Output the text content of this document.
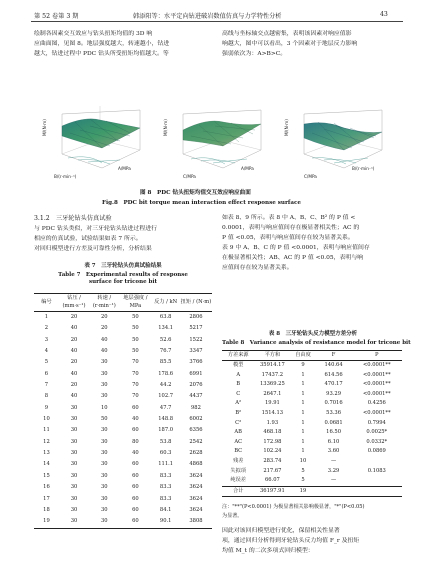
第 52 卷第 3 期	韩添阳等：水平定向钻进破岩数值仿真与力学特性分析	43
绘制各因素交互效应与钻头扭矩均值的 3D 响
应曲面图，见图 8。地层强度越大，转速越小，钻进
越大，钻进过程中 PDC 钻头所受扭矩均值越大。等
高线与坐标轴交点越密集，表明该因素对响应值影
响越大，图中可以看出，3 个因素对于地层反力影响
强弱依次为：A>B>C。
M/(N·m)
B/(r·min⁻¹)
A/MPa
M/(N·m)
C/MPa
A/MPa
M/(N·m)
C/MPa
B/(r·min⁻¹)
图 8　PDC 钻头扭矩均值交互效应响应曲面
Fig.8　PDC bit torque mean interaction effect response surface
3.1.2　三牙轮钻头仿真试验
与 PDC 钻头类似，对三牙轮钻头钻进过程进行
相应的仿真试验，试验结果如表 7 所示。
对回归模型进行方差及可靠性分析，分析结果
如表 8、9 所示。表 8 中 A、B、C、B² 的 P 值 <
0.0001，表明与响应值间存在极显著相关性；AC 的
P 值 <0.05，表明与响应值间存在较为显著关系。
表 9 中 A、B、C 的 P 值 <0.0001，表明与响应值间存
在极显著相关性；AB、AC 的 P 值 <0.05，表明与响
应值间存在较为显著关系。
表 7　三牙轮钻头仿真试验结果
Table 7　Experimental results of response
surface for tricone bit
编号	钻压 / (mm·s⁻¹)	转速 / (r·min⁻¹)	地层强度 / MPa	反力 / kN	扭矩 / (N·m)
1	20	20	50	63.8	2806
2	40	20	50	134.1	5217
3	20	40	50	52.6	1522
4	40	40	50	76.7	3347
5	20	30	70	85.5	3766
6	40	30	70	178.6	6991
7	20	30	70	44.2	2076
8	40	30	70	102.7	4437
9	30	10	60	47.7	982
10	30	50	40	148.8	6002
11	30	30	60	187.0	6356
12	30	30	80	53.8	2542
13	30	30	40	60.3	2628
14	30	30	60	111.1	4868
15	30	30	60	83.3	3624
16	30	30	60	83.3	3624
17	30	30	60	83.3	3624
18	30	30	60	84.1	3624
19	30	30	60	90.1	3808
表 8　三牙轮钻头反力模型方差分析
Table 8　Variance analysis of resistance model for tricone bit
方差来源	平方和	自由度	F	P
模型	35914.17	9	140.64	<0.0001**
A	17437.2	1	614.56	<0.0001**
B	13369.25	1	470.17	<0.0001**
C	2647.1	1	93.29	<0.0001**
A²	19.91	1	0.7016	0.4256
B²	1514.13	1	53.36	<0.0001**
C²	1.93	1	0.0681	0.7994
AB	468.18	1	16.50	0.0025*
AC	172.98	1	6.10	0.0332*
BC	102.24	1	3.60	0.0869
残差	283.74	10	—	
失拟项	217.67	5	3.29	0.1083
纯误差	66.07	5	—	
合计	36197.91	19		
注："**"(P<0.0001) 为极显著相关影响极显著，"*"(P<0.05)
为显著。
因此对该回归模型进行优化，保留相关性显著
项，通过回归分析得到牙轮钻头反力均值 F_r 及扭矩
均值 M_t 的二次多项式回归模型：
